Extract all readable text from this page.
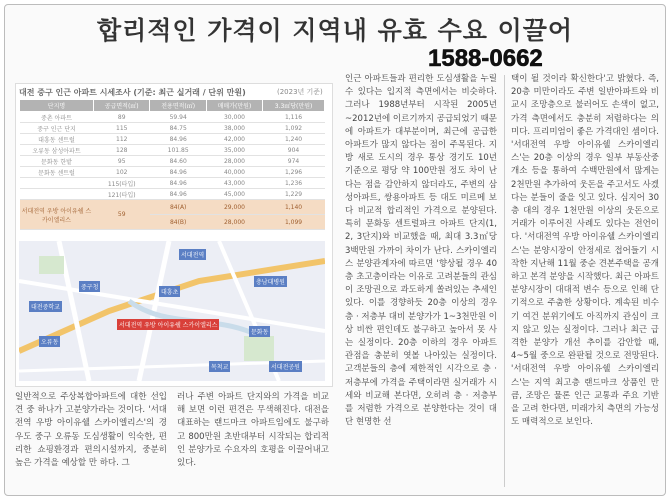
합리적인 가격이 지역내 유효 수요 이끌어
1588-0662
대전 중구 인근 아파트 시세조사 (기준: 최근 실거래 / 단위 만원)	(2023년 기준)
단지명	공급면적(㎡)	전용면적(㎡)	매매가(만원)	3.3㎡당(만원)
중촌 아파트	89	59.94	30,000	1,116
중구 인근 단지	115	84.75	38,000	1,092
대흥동 센트럴	112	84.96	42,000	1,240
오류동 삼성아파트	128	101.85	35,000	904
문화동 한밭	95	84.60	28,000	974
문화동 센트럴	102	84.96	40,000	1,296
	115(타입)	84.96	43,000	1,236
	121(타입)	84.96	45,000	1,229
서대전역 우방 아이유쉘 스카이엘리스	59	84(A)	29,000	1,140
		84(B)	28,000	1,099
서대전역
중구청
대흥초
충남대병원
오류동
문화동
서대전공원
대전중학교
목척교
서대전역 우방 아이유쉘 스카이엘리스

인근 아파트들과 편리한 도심생활을 누릴 수 있다는 입지적 측면에서는 비슷하다. 그러나 1988년부터 시작된 2005년~2012년에 이르기까지 공급되었기 때문에 아파트가 대부분이며, 최근에 공급한 아파트가 많지 않다는 점이 주목된다. 지방 새로 도시의 경우 통상 경기도 10년 기준으로 평당 약 100만원 정도 차이 난다는 점을 감안하지 않더라도, 주변의 삼성아파트, 쌍용아파트 등 대도 미르메 보다 비교적 합리적인 가격으로 분양된다. 특히 문화동 센트럴파크 아파트 단지(1, 2, 3단지)와 비교했을 때, 최대 3.3㎡당 3백만원 가까이 차이가 난다. 스카이엘리스 분양관계자에 따르면 '향상될 경우 40층 초고층이라는 이유로 고려분들의 관심이 조망권으로 과도하게 쏠려있는 추세인 있다. 이를 경향하듯 20층 이상의 경우 층 · 저층부 대비 분양가가 1~3천만원 이상 비싼 편인데도 불구하고 높아서 못 사는 실정이다. 20층 이하의 경우 아파트 관점을 충분히 엿볼 나아있는 실정이다. 고객분들의 층에 제한적인 시각으로 층 · 저층부에 가격을 주택이라면 실거래가 시세와 비교해 본다면, 오히려 층 · 저층부를 저렴한 가격으로 분양한다는 것이 대단 현명한 선

택이 될 것이라 확신한다'고 밝혔다. 즉, 20층 미만이라도 주변 일반아파트와 비교시 조망층으로 불러어도 손색이 없고, 가격 측면에서도 충분히 저렴하다는 의미다. 프리미엄이 좋은 가격대인 셈이다. '서대전역 우방 아이유쉘 스카이엘리스'는 20층 이상의 경우 일부 부동산중개소 등을 통하여 수백만원에서 많게는 2천만원 추가하여 웃돈을 주고서도 사겠다는 분들이 줄을 잇고 있다. 심지어 30층 대의 경우 1천만원 이상의 웃돈으로 거래가 이루어진 사례도 있다는 전언이다. '서대전역 우방 아이유쉘 스카이엘리스'는 분양시장이 안정세로 접어들기 시작한 지난해 11월 중순 견본주택을 공개하고 본격 분양을 시작했다. 최근 아파트 분양시장이 대대적 변수 등으로 인해 단기적으로 주춤한 상황이다. 계속된 비수기 여건 분위기에도 아직까지 관심이 크지 않고 있는 실정이다. 그러나 최근 급격한 분양가 개선 추이를 감안할 때, 4~5월 중으로 완판될 것으로 전망된다. '서대전역 우방 아이유쉘 스카이엘리스'는 지역 최고층 랜드마크 상품인 만큼, 조망은 물론 인근 교통과 주요 기반을 고려 한다면, 미래가치 측면의 가능성도 매력적으로 보인다.

일반적으로 주상복합아파트에 대한 선입견 중 하나가 고분양가라는 것이다. '서대전역 우방 아이유쉘 스카이엘리스'의 경우도 중구 오류동 도심생활이 익숙한, 편리한 쇼핑환경과 편의시설까지, 중분히 높은 가격을 예상할 만 하다. 그

러나 주변 아파트 단지와의 가격을 비교해 보면 이런 편견은 무색해진다. 대전을 대표하는 랜드마크 아파트임에도 불구하고 800만원 초반대부터 시작되는 합리적인 분양가로 수요자의 호평을 이끌어내고 있다.
